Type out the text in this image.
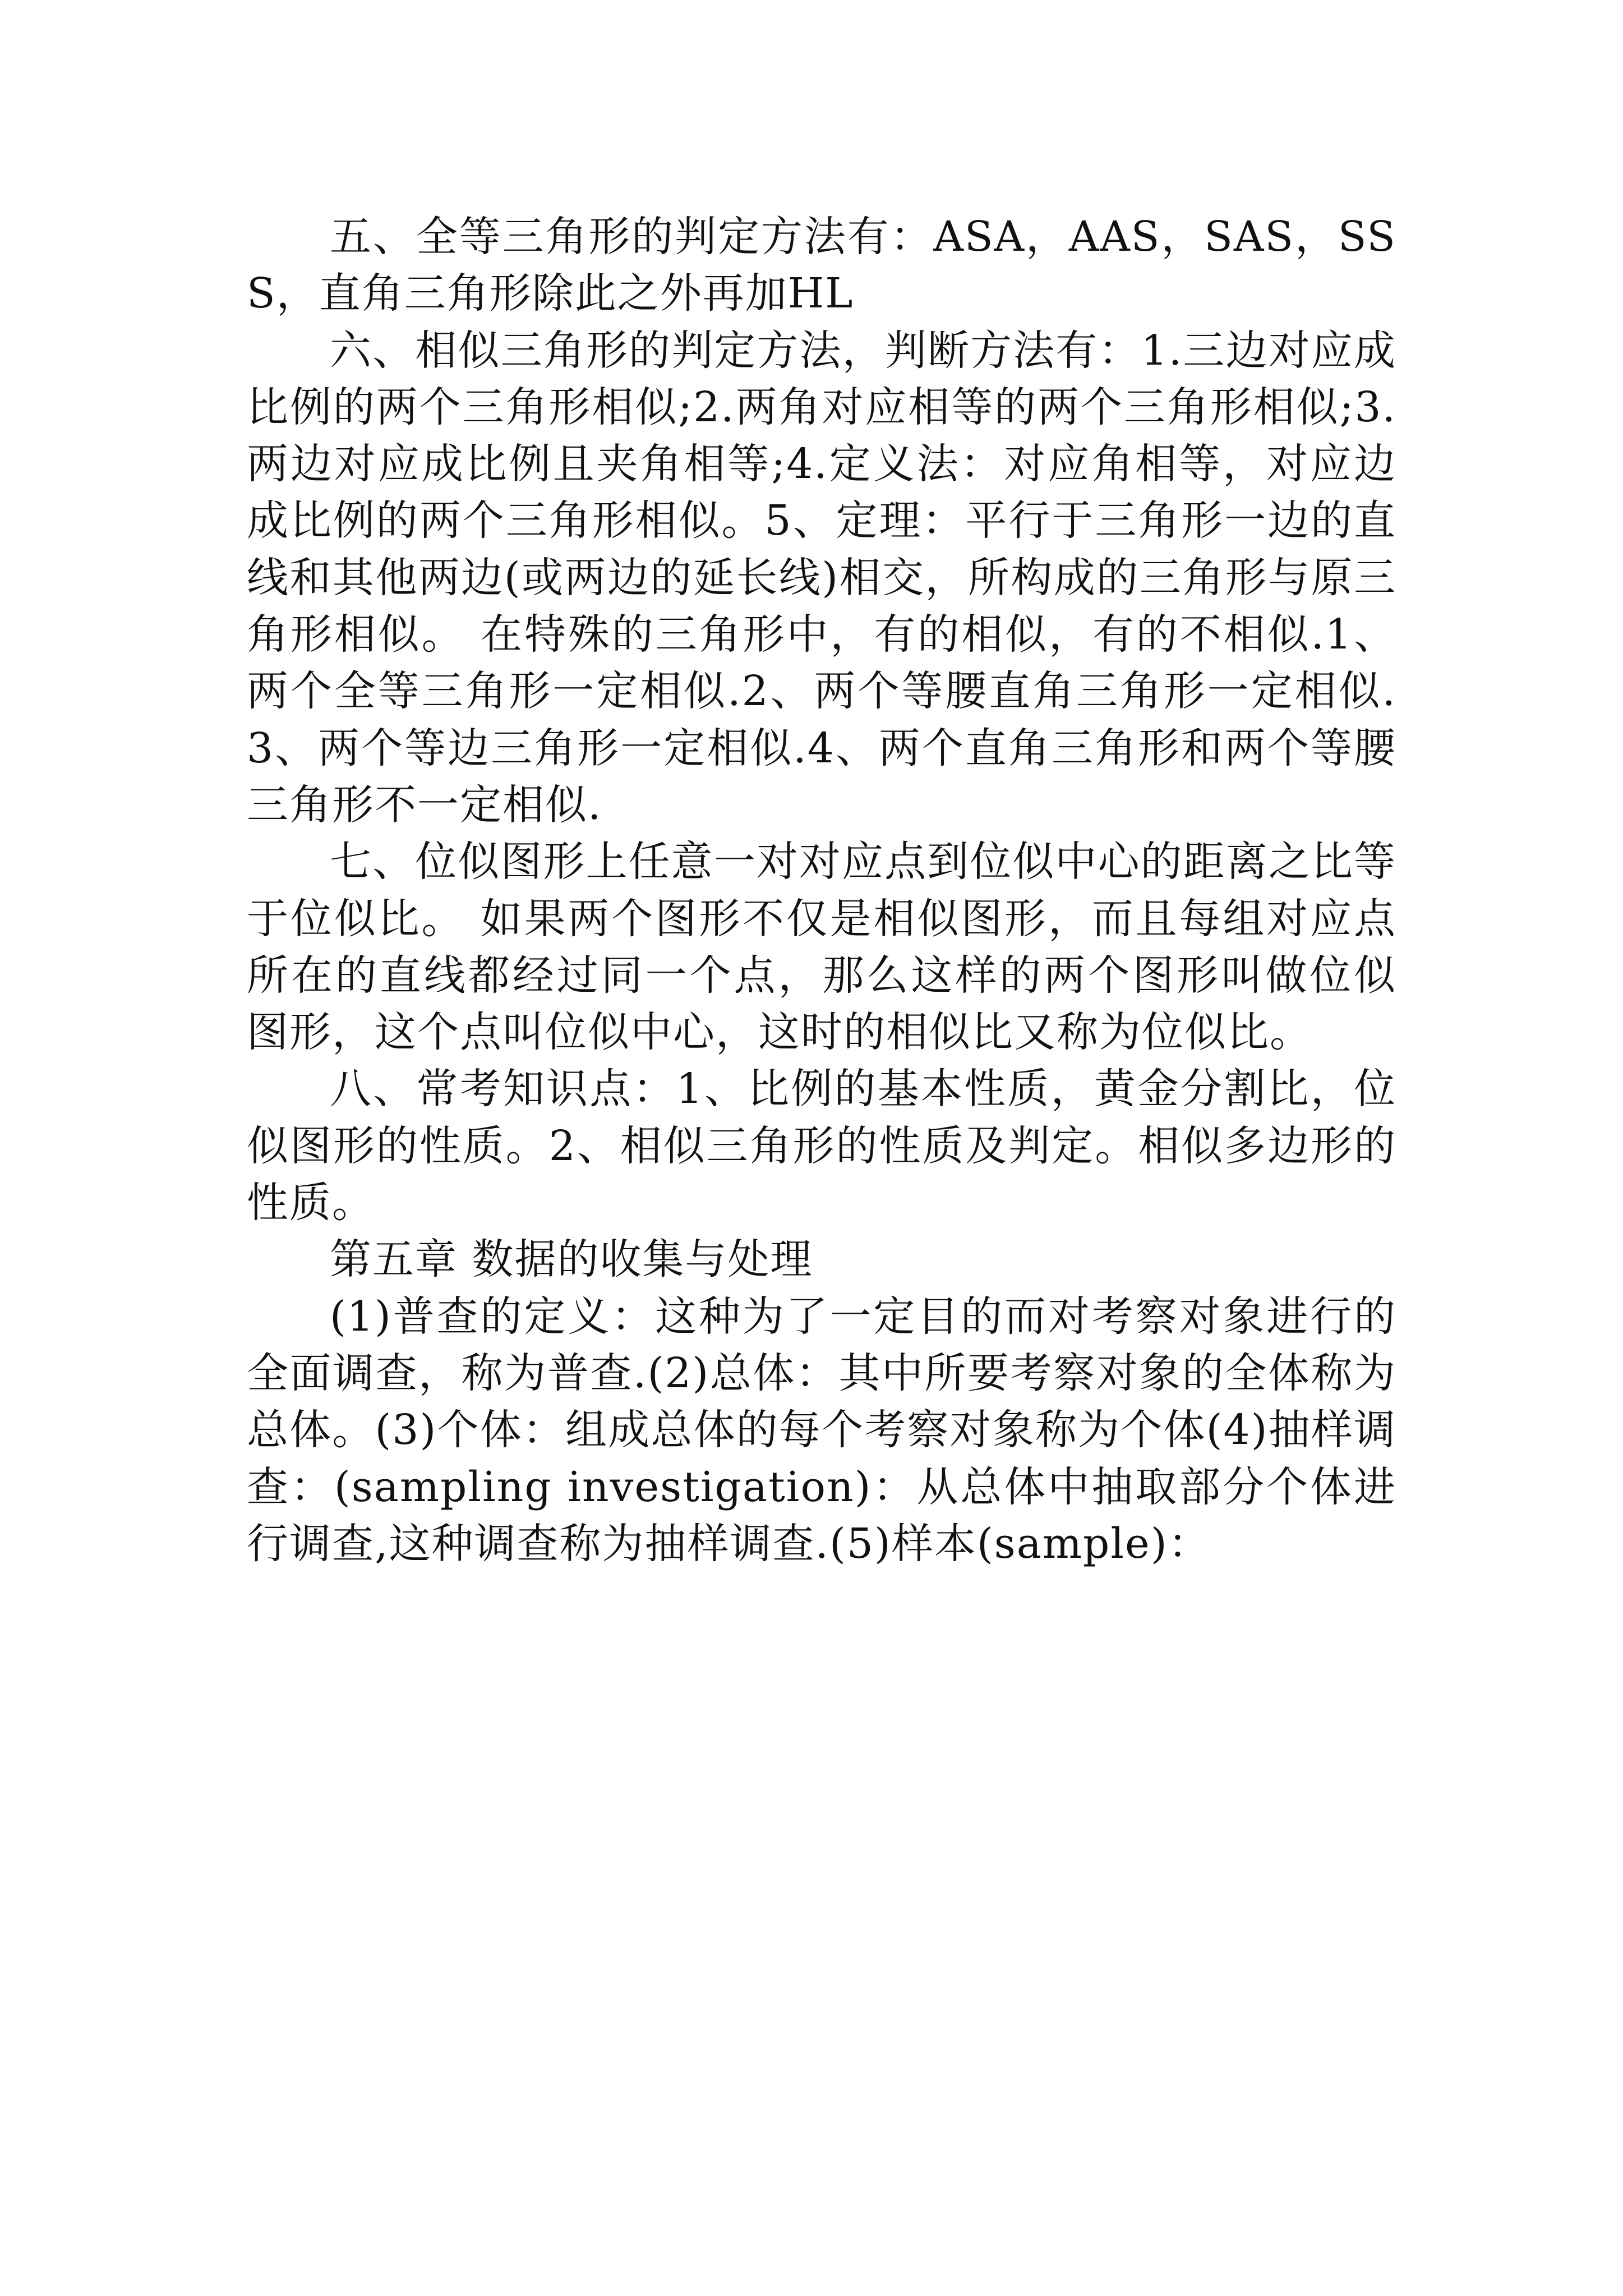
五、全等三角形的判定方法有：ASA，AAS，SAS，SSS，直角三角形除此之外再加HL

六、相似三角形的判定方法，判断方法有：1.三边对应成比例的两个三角形相似;2.两角对应相等的两个三角形相似;3.两边对应成比例且夹角相等;4.定义法：对应角相等，对应边成比例的两个三角形相似。5、定理：平行于三角形一边的直线和其他两边(或两边的延长线)相交，所构成的三角形与原三角形相似。 在特殊的三角形中，有的相似，有的不相似.1、两个全等三角形一定相似.2、两个等腰直角三角形一定相似.3、两个等边三角形一定相似.4、两个直角三角形和两个等腰三角形不一定相似.

七、位似图形上任意一对对应点到位似中心的距离之比等于位似比。 如果两个图形不仅是相似图形，而且每组对应点所在的直线都经过同一个点，那么这样的两个图形叫做位似图形，这个点叫位似中心，这时的相似比又称为位似比。

八、常考知识点：1、比例的基本性质，黄金分割比，位似图形的性质。2、相似三角形的性质及判定。相似多边形的性质。

第五章 数据的收集与处理

(1)普查的定义：这种为了一定目的而对考察对象进行的全面调查，称为普查.(2)总体：其中所要考察对象的全体称为总体。(3)个体：组成总体的每个考察对象称为个体(4)抽样调查：(sampling investigation)：从总体中抽取部分个体进行调查,这种调查称为抽样调查.(5)样本(sample)：
